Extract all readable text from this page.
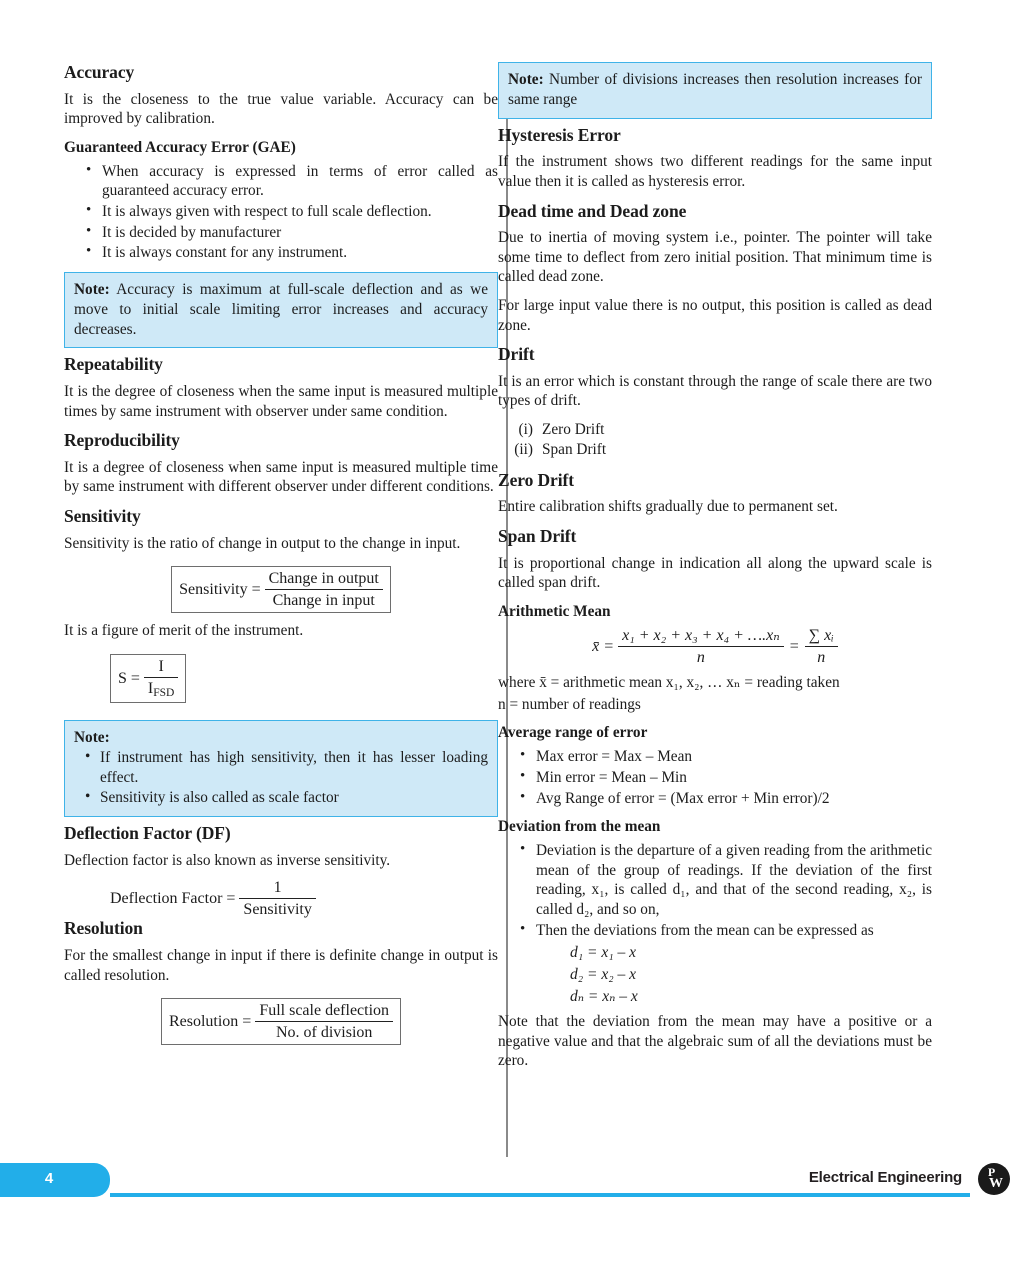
Accuracy

It is the closeness to the true value variable. Accuracy can be improved by calibration.

Guaranteed Accuracy Error (GAE)
• When accuracy is expressed in terms of error called as guaranteed accuracy error.
• It is always given with respect to full scale deflection.
• It is decided by manufacturer
• It is always constant for any instrument.

Note: Accuracy is maximum at full-scale deflection and as we move to initial scale limiting error increases and accuracy decreases.

Repeatability

It is the degree of closeness when the same input is measured multiple times by same instrument with observer under same condition.

Reproducibility

It is a degree of closeness when same input is measured multiple time by same instrument with different observer under different conditions.

Sensitivity

Sensitivity is the ratio of change in output to the change in input.

Sensitivity = $\frac{\text{Change in output}}{\text{Change in input}}$

It is a figure of merit of the instrument.

$S = \frac{I}{I_{FSD}}$

Note:

• If instrument has high sensitivity, then it has lesser loading effect.
• Sensitivity is also called as scale factor
Deflection Factor (DF)

Deflection factor is also known as inverse sensitivity.

Deflection Factor = $\frac{1}{\text{Sensitivity}}$
Resolution

For the smallest change in input if there is definite change in output is called resolution.

Resolution = $\frac{\text{Full scale deflection}}{\text{No. of division}}$

Note: Number of divisions increases then resolution increases for same range

Hysteresis Error

If the instrument shows two different readings for the same input value then it is called as hysteresis error.

Dead time and Dead zone

Due to inertia of moving system i.e., pointer. The pointer will take some time to deflect from zero initial position. That minimum time is called dead zone.

For large input value there is no output, this position is called as dead zone.

Drift

It is an error which is constant through the range of scale there are two types of drift.

(i) Zero Drift
(ii) Span Drift
Zero Drift

Entire calibration shifts gradually due to permanent set.

Span Drift

It is proportional change in indication all along the upward scale is called span drift.

Arithmetic Mean
x̄ = $\frac{\text{x₁ + x₂ + x₃ + x₄ + ….xₙ}}{n} = \frac{\text{∑ xᵢ}}{n}$

where x̄ = arithmetic mean x₁, x₂, … xₙ = reading taken

n = number of readings

Average range of error
• Max error = Max – Mean
• Min error = Mean – Min
• Avg Range of error = (Max error + Min error)/2
Deviation from the mean
• Deviation is the departure of a given reading from the arithmetic mean of the group of readings. If the deviation of the first reading, x₁, is called d₁, and that of the second reading, x₂, is called d₂, and so on,
• Then the deviations from the mean can be expressed as
d₁ = x₁ – x
d₂ = x₂ – x
dₙ = xₙ – x

Note that the deviation from the mean may have a positive or a negative value and that the algebraic sum of all the deviations must be zero.

4	Electrical Engineering	P
W
